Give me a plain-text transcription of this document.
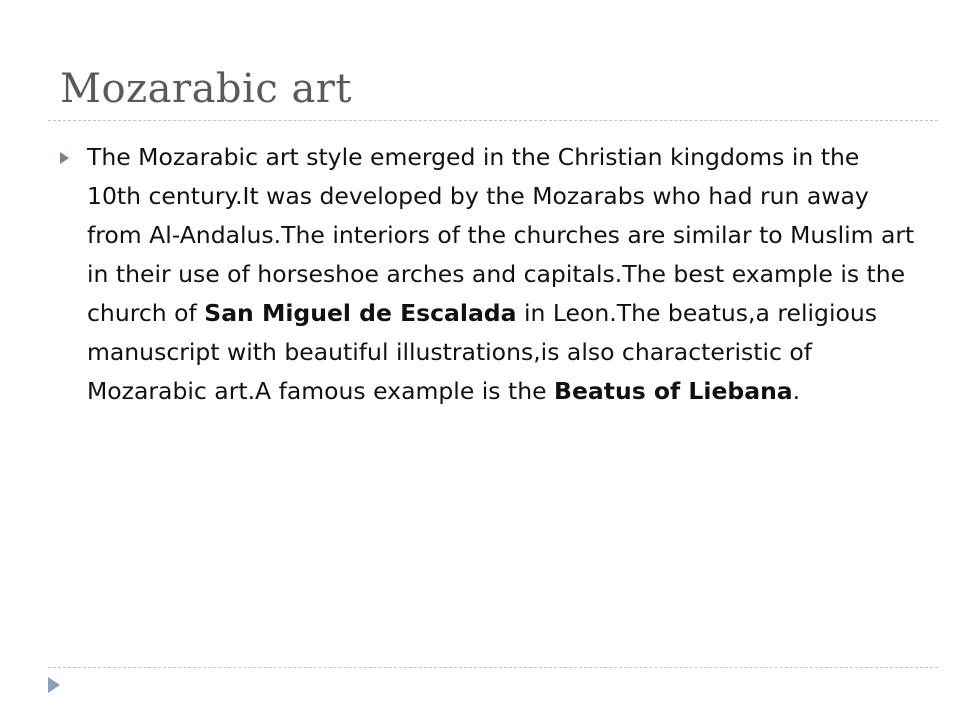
Mozarabic art

The Mozarabic art style emerged in the Christian kingdoms in the 10th century.It was developed by the Mozarabs who had run away from Al-Andalus.The interiors of the churches are similar to Muslim art in their use of horseshoe arches and capitals.The best example is the church of San Miguel de Escalada in Leon.The beatus,a religious manuscript with beautiful illustrations,is also characteristic of Mozarabic art.A famous example is the Beatus of Liebana.
